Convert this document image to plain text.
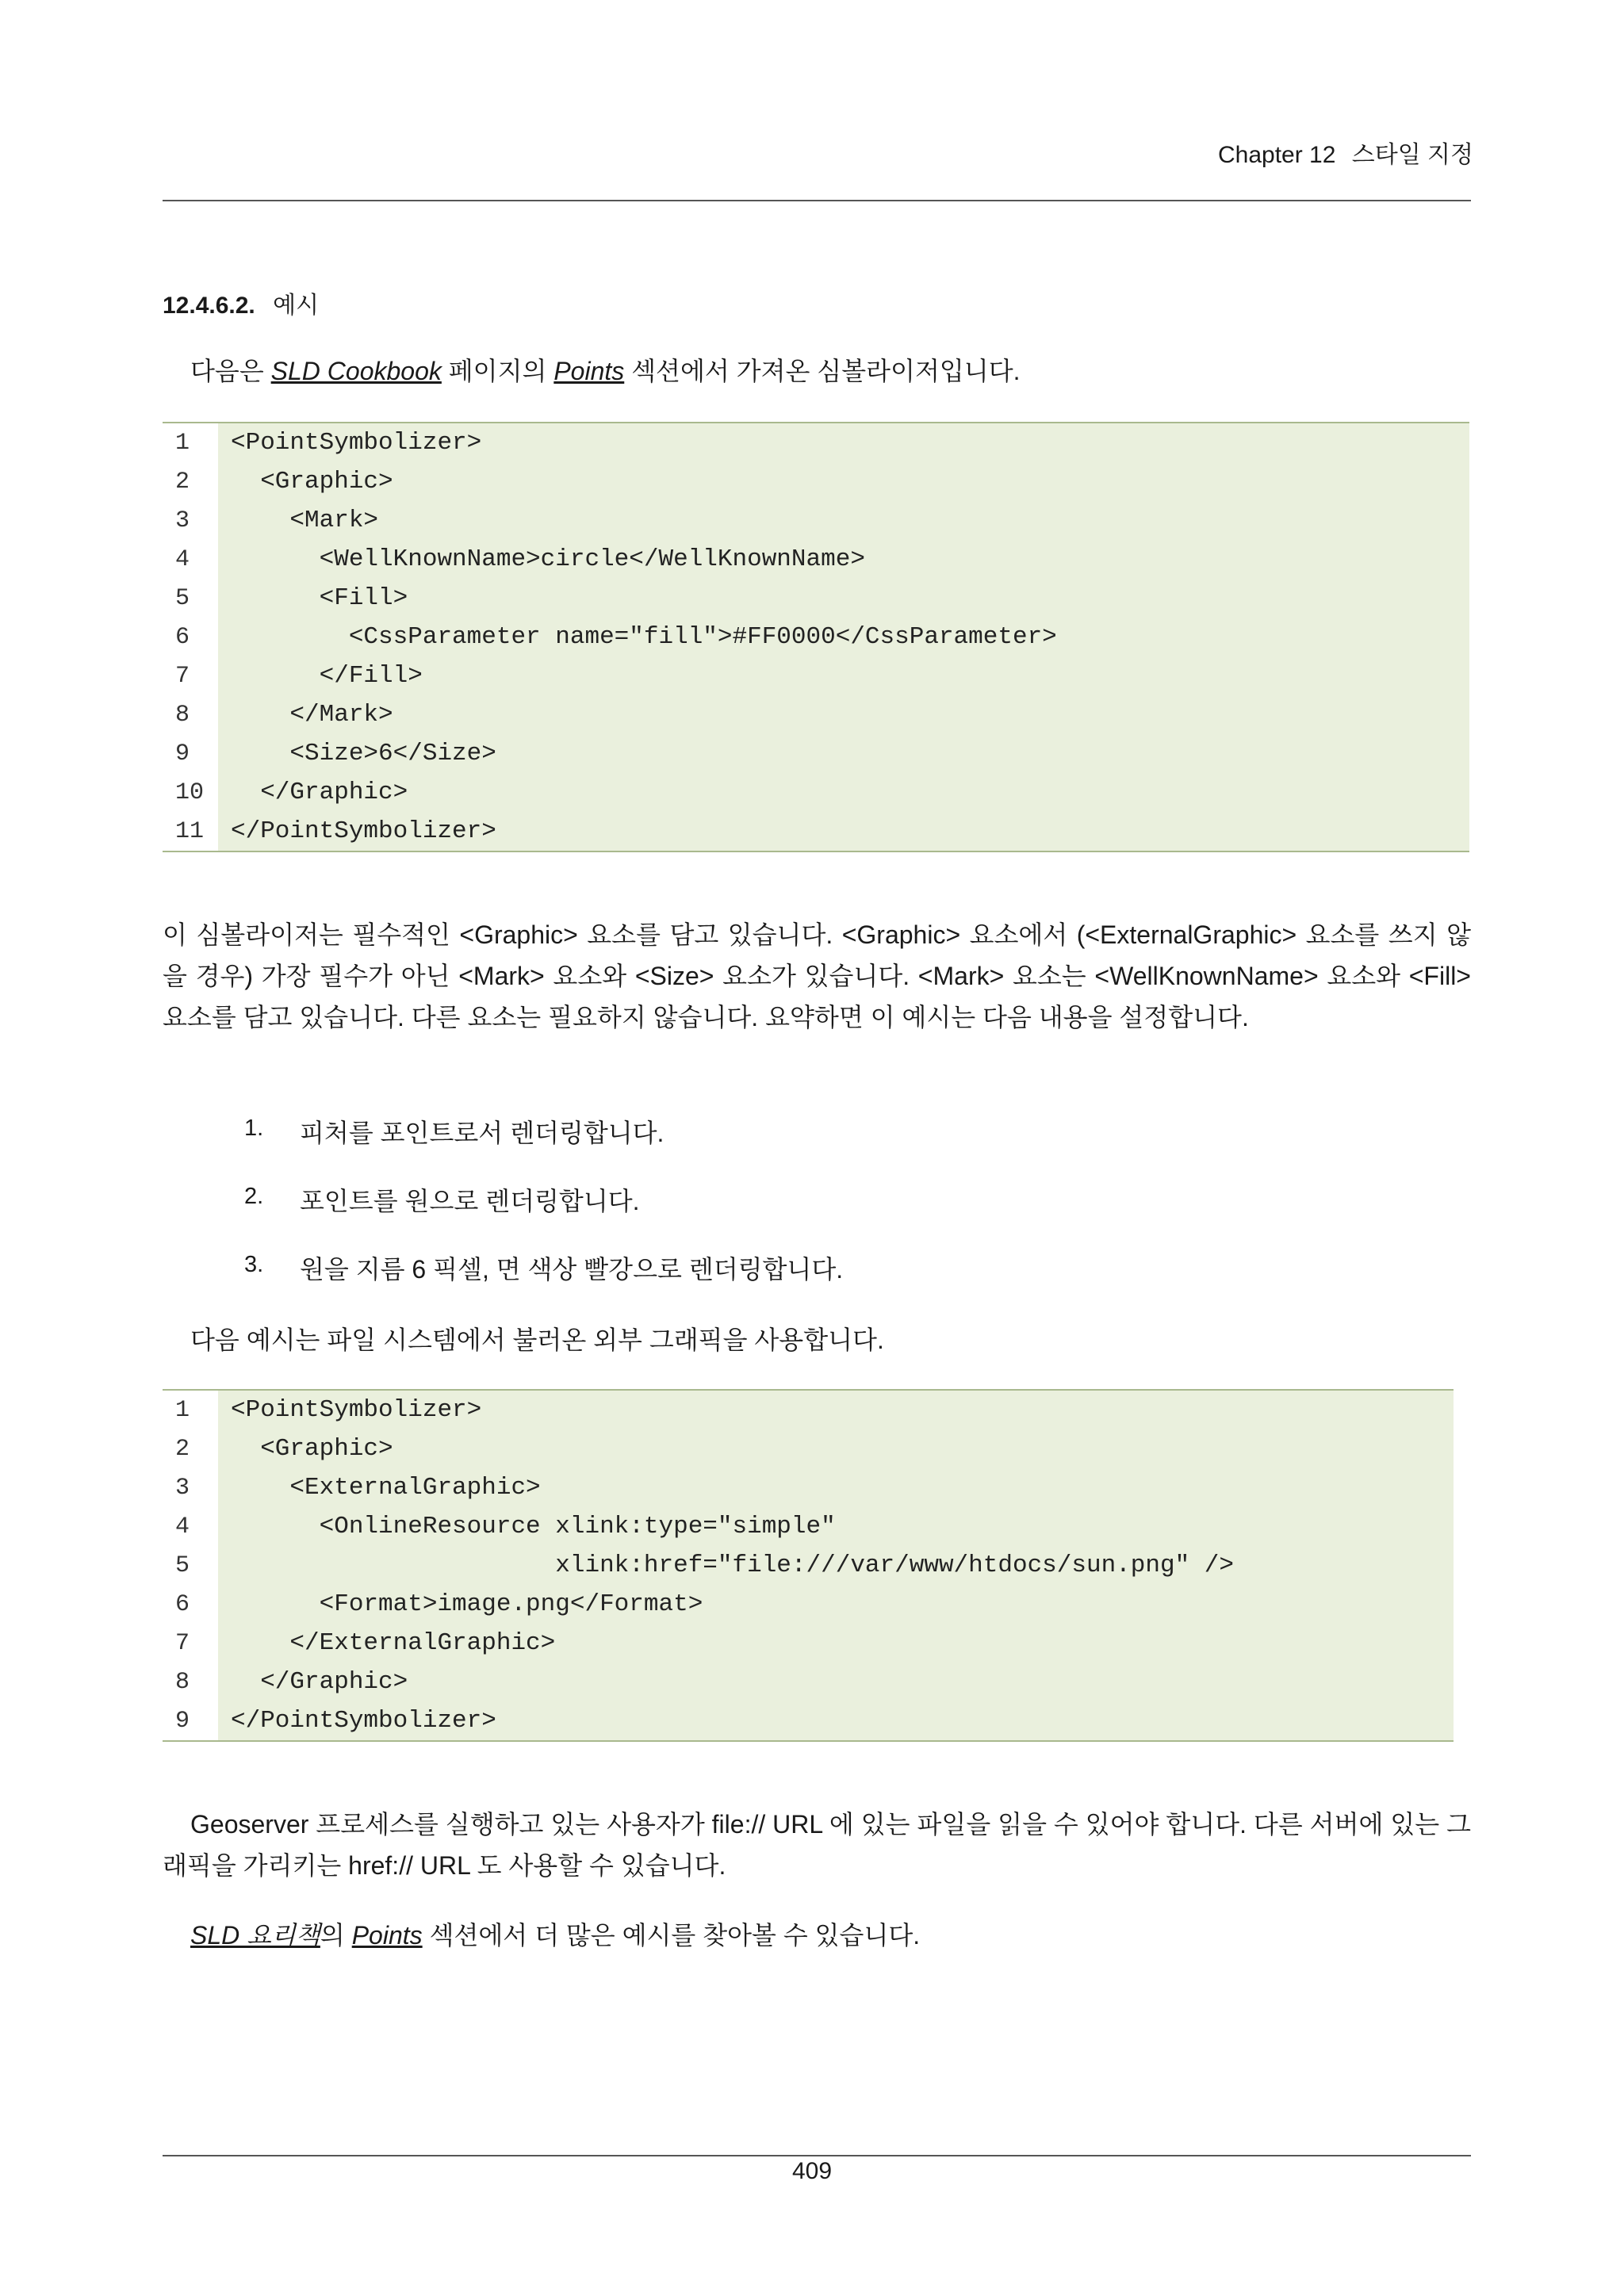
Chapter 12 스타일 지정
12.4.6.2. 예시
다음은 SLD Cookbook 페이지의 Points 섹션에서 가져온 심볼라이저입니다.
1	<PointSymbolizer>
2	<Graphic>
3	<Mark>
4	<WellKnownName>circle</WellKnownName>
5	<Fill>
6	<CssParameter name="fill">#FF0000</CssParameter>
7	</Fill>
8	</Mark>
9	<Size>6</Size>
10	</Graphic>
11	</PointSymbolizer>
이 심볼라이저는 필수적인 <Graphic> 요소를 담고 있습니다. <Graphic> 요소에서 (<ExternalGraphic> 요소를 쓰지 않을 경우) 가장 필수가 아닌 <Mark> 요소와 <Size> 요소가 있습니다. <Mark> 요소는 <WellKnownName> 요소와 <Fill> 요소를 담고 있습니다. 다른 요소는 필요하지 않습니다. 요약하면 이 예시는 다음 내용을 설정합니다.
1.	피처를 포인트로서 렌더링합니다.
2.	포인트를 원으로 렌더링합니다.
3.	원을 지름 6 픽셀, 면 색상 빨강으로 렌더링합니다.
다음 예시는 파일 시스템에서 불러온 외부 그래픽을 사용합니다.
1	<PointSymbolizer>
2	<Graphic>
3	<ExternalGraphic>
4	<OnlineResource xlink:type="simple"
5	xlink:href="file:///var/www/htdocs/sun.png" />
6	<Format>image.png</Format>
7	</ExternalGraphic>
8	</Graphic>
9	</PointSymbolizer>
Geoserver 프로세스를 실행하고 있는 사용자가 file:// URL 에 있는 파일을 읽을 수 있어야 합니다. 다른 서버에 있는 그래픽을 가리키는 href:// URL 도 사용할 수 있습니다.
SLD 요리책의 Points 섹션에서 더 많은 예시를 찾아볼 수 있습니다.
409
